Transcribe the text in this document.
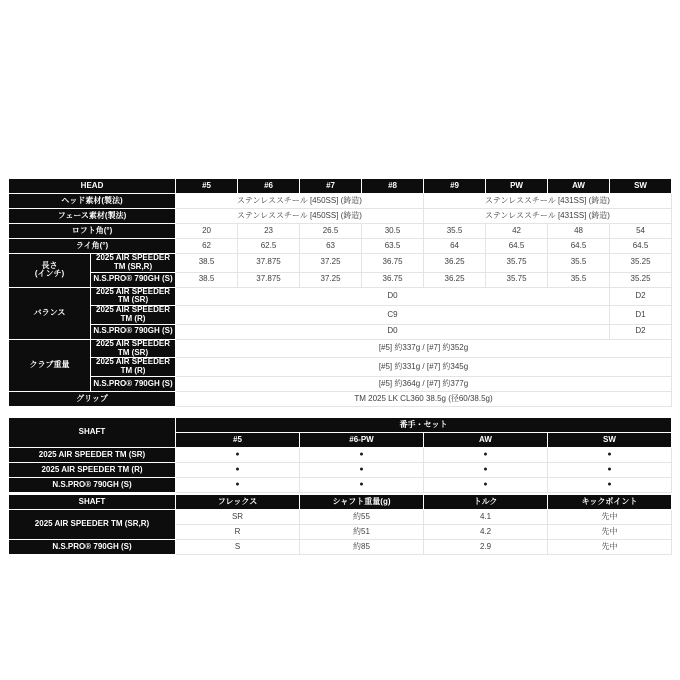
HEAD		#5	#6	#7	#8	#9	PW	AW	SW
ヘッド素材(製法)		ステンレススチール [450SS] (鋳造)				ステンレススチール [431SS] (鋳造)			
フェース素材(製法)		ステンレススチール [450SS] (鋳造)				ステンレススチール [431SS] (鋳造)			
ロフト角(°)		20	23	26.5	30.5	35.5	42	48	54
ライ角(°)		62	62.5	63	63.5	64	64.5	64.5	64.5

長さ
(インチ)	2025 AIR SPEEDER TM (SR,R)	38.5	37.875	37.25	36.75	36.25	35.75	35.5	35.25
	N.S.PRO® 790GH (S)	38.5	37.875	37.25	36.75	36.25	35.75	35.5	35.25
バランス	2025 AIR SPEEDER TM (SR)	D0							D2
	2025 AIR SPEEDER TM (R)	C9							D1
	N.S.PRO® 790GH (S)	D0							D2
クラブ重量	2025 AIR SPEEDER TM (SR)	[#5] 約337g / [#7] 約352g							
	2025 AIR SPEEDER TM (R)	[#5] 約331g / [#7] 約345g							
	N.S.PRO® 790GH (S)	[#5] 約364g / [#7] 約377g							
グリップ		TM 2025 LK CL360 38.5g (径60/38.5g)							
SHAFT	番手・セット			
	#5	#6-PW	AW	SW
2025 AIR SPEEDER TM (SR)	●	●	●	●
2025 AIR SPEEDER TM (R)	●	●	●	●
N.S.PRO® 790GH (S)	●	●	●	●
SHAFT	フレックス	シャフト重量(g)	トルク	キックポイント
2025 AIR SPEEDER TM (SR,R)	SR	約55	4.1	先中
	R	約51	4.2	先中
N.S.PRO® 790GH (S)	S	約85	2.9	先中
